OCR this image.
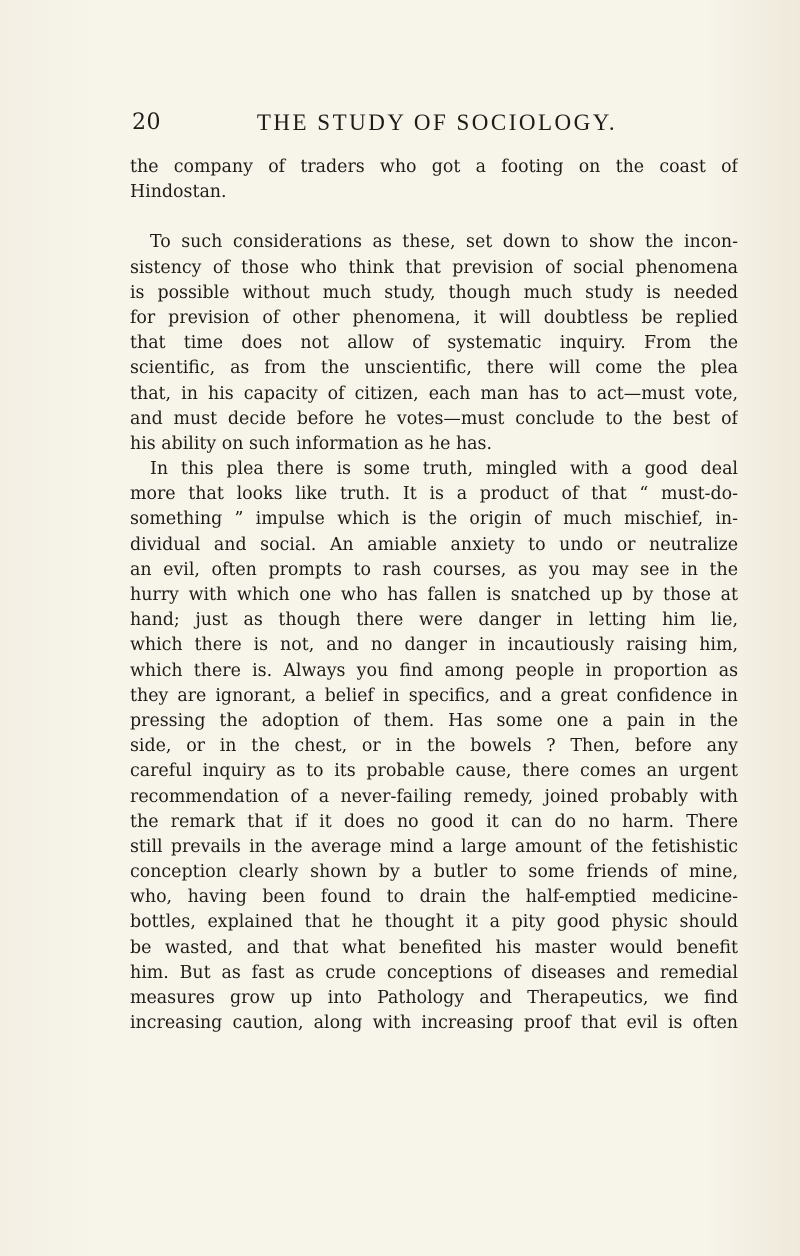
20	THE STUDY OF SOCIOLOGY.
the company of traders who got a footing on the coast of
Hindostan.
To such considerations as these, set down to show the incon-
sistency of those who think that prevision of social phenomena
is possible without much study, though much study is needed
for prevision of other phenomena, it will doubtless be replied
that time does not allow of systematic inquiry. From the
scientific, as from the unscientific, there will come the plea
that, in his capacity of citizen, each man has to act—must vote,
and must decide before he votes—must conclude to the best of
his ability on such information as he has.
In this plea there is some truth, mingled with a good deal
more that looks like truth. It is a product of that “ must-do-
something ” impulse which is the origin of much mischief, in-
dividual and social. An amiable anxiety to undo or neutralize
an evil, often prompts to rash courses, as you may see in the
hurry with which one who has fallen is snatched up by those at
hand; just as though there were danger in letting him lie,
which there is not, and no danger in incautiously raising him,
which there is. Always you find among people in proportion as
they are ignorant, a belief in specifics, and a great confidence in
pressing the adoption of them. Has some one a pain in the
side, or in the chest, or in the bowels ? Then, before any
careful inquiry as to its probable cause, there comes an urgent
recommendation of a never-failing remedy, joined probably with
the remark that if it does no good it can do no harm. There
still prevails in the average mind a large amount of the fetishistic
conception clearly shown by a butler to some friends of mine,
who, having been found to drain the half-emptied medicine-
bottles, explained that he thought it a pity good physic should
be wasted, and that what benefited his master would benefit
him. But as fast as crude conceptions of diseases and remedial
measures grow up into Pathology and Therapeutics, we find
increasing caution, along with increasing proof that evil is often
